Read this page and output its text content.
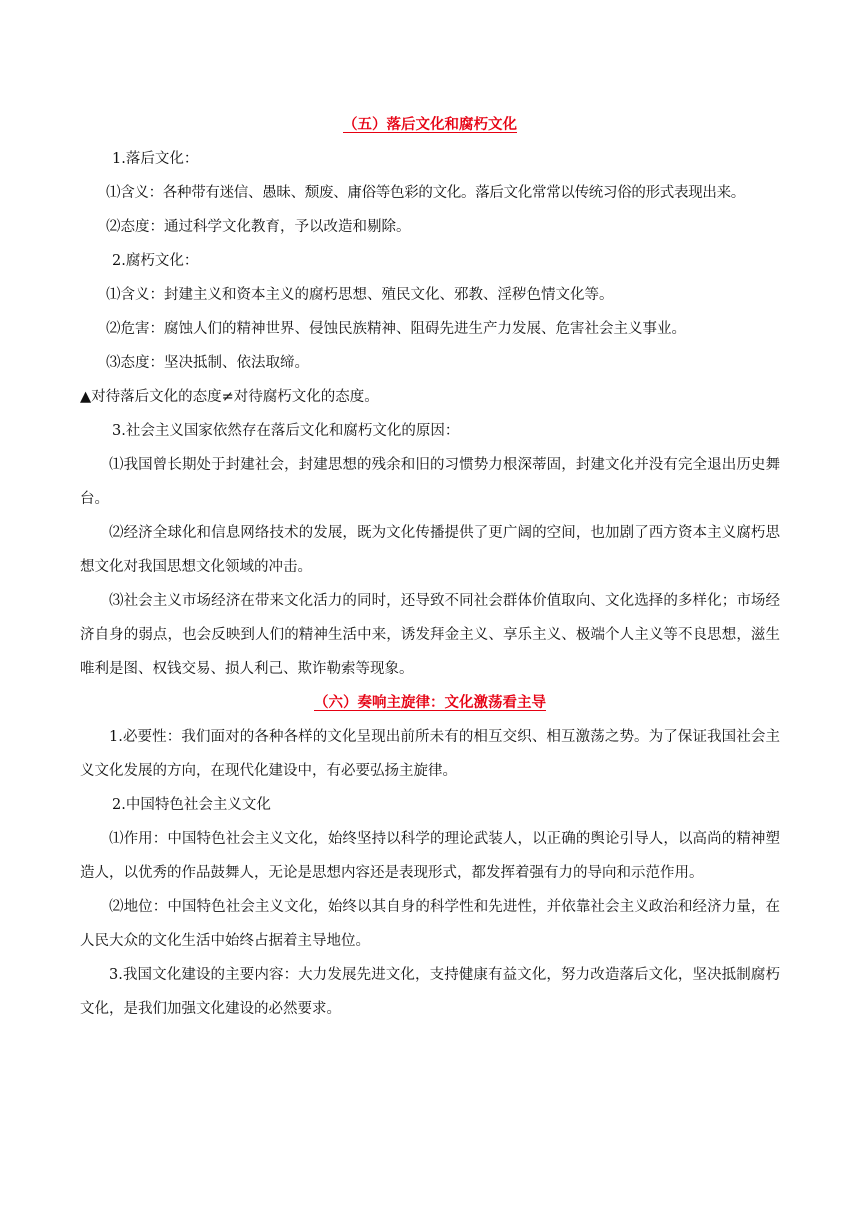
（五）落后文化和腐朽文化

1.落后文化：

⑴含义：各种带有迷信、愚昧、颓废、庸俗等色彩的文化。落后文化常常以传统习俗的形式表现出来。

⑵态度：通过科学文化教育，予以改造和剔除。

2.腐朽文化：

⑴含义：封建主义和资本主义的腐朽思想、殖民文化、邪教、淫秽色情文化等。

⑵危害：腐蚀人们的精神世界、侵蚀民族精神、阻碍先进生产力发展、危害社会主义事业。

⑶态度：坚决抵制、依法取缔。

▲对待落后文化的态度≠对待腐朽文化的态度。

3.社会主义国家依然存在落后文化和腐朽文化的原因：

⑴我国曾长期处于封建社会，封建思想的残余和旧的习惯势力根深蒂固，封建文化并没有完全退出历史舞台。

⑵经济全球化和信息网络技术的发展，既为文化传播提供了更广阔的空间，也加剧了西方资本主义腐朽思想文化对我国思想文化领域的冲击。

⑶社会主义市场经济在带来文化活力的同时，还导致不同社会群体价值取向、文化选择的多样化；市场经济自身的弱点，也会反映到人们的精神生活中来，诱发拜金主义、享乐主义、极端个人主义等不良思想，滋生唯利是图、权钱交易、损人利己、欺诈勒索等现象。

（六）奏响主旋律：文化激荡看主导

1.必要性：我们面对的各种各样的文化呈现出前所未有的相互交织、相互激荡之势。为了保证我国社会主义文化发展的方向，在现代化建设中，有必要弘扬主旋律。

2.中国特色社会主义文化

⑴作用：中国特色社会主义文化，始终坚持以科学的理论武装人，以正确的舆论引导人，以高尚的精神塑造人，以优秀的作品鼓舞人，无论是思想内容还是表现形式，都发挥着强有力的导向和示范作用。

⑵地位：中国特色社会主义文化，始终以其自身的科学性和先进性，并依靠社会主义政治和经济力量，在人民大众的文化生活中始终占据着主导地位。

3.我国文化建设的主要内容：大力发展先进文化，支持健康有益文化，努力改造落后文化，坚决抵制腐朽文化，是我们加强文化建设的必然要求。
